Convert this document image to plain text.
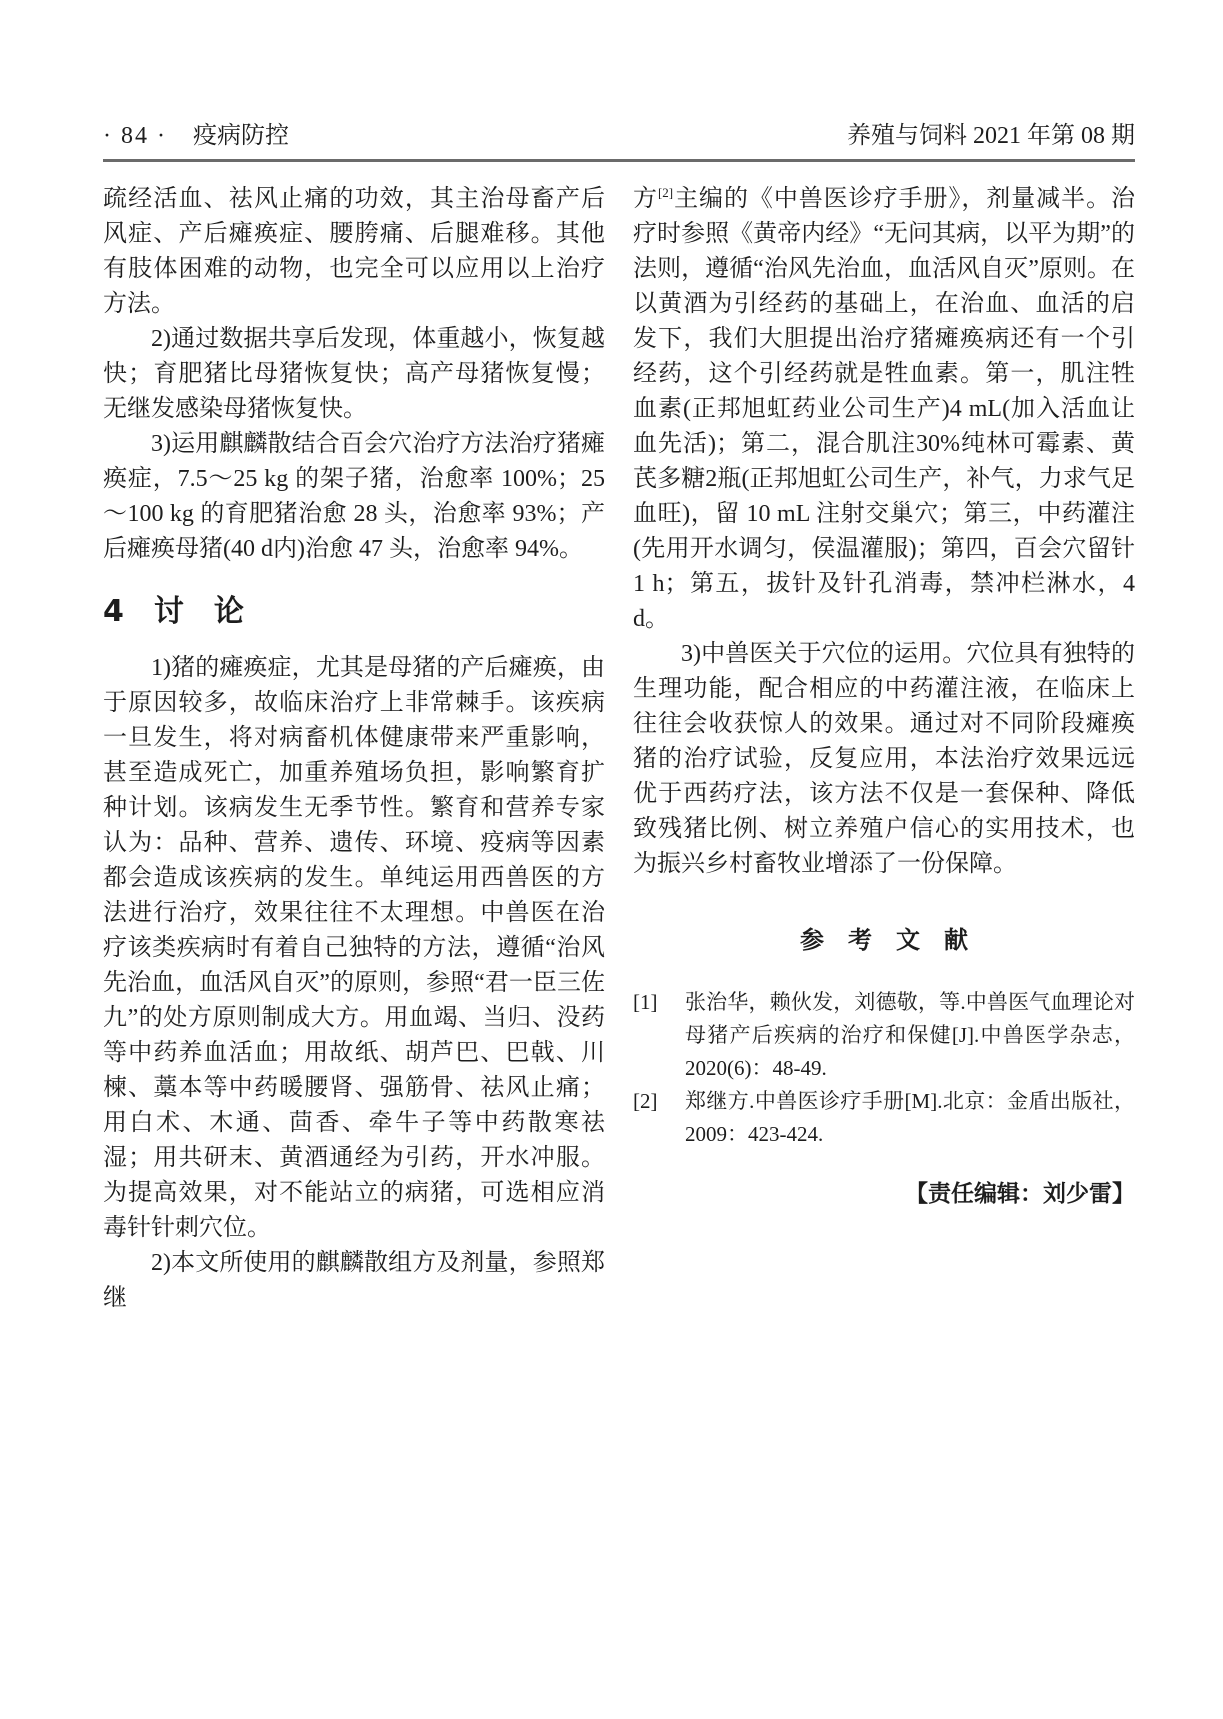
· 84 · 疫病防控	养殖与饲料 2021 年第 08 期

疏经活血、祛风止痛的功效，其主治母畜产后风症、产后瘫痪症、腰胯痛、后腿难移。其他有肢体困难的动物，也完全可以应用以上治疗方法。

2)通过数据共享后发现，体重越小，恢复越快；育肥猪比母猪恢复快；高产母猪恢复慢；无继发感染母猪恢复快。

3)运用麒麟散结合百会穴治疗方法治疗猪瘫痪症，7.5～25 kg 的架子猪，治愈率 100%；25～100 kg 的育肥猪治愈 28 头，治愈率 93%；产后瘫痪母猪(40 d内)治愈 47 头，治愈率 94%。

4　讨　论

1)猪的瘫痪症，尤其是母猪的产后瘫痪，由于原因较多，故临床治疗上非常棘手。该疾病一旦发生，将对病畜机体健康带来严重影响，甚至造成死亡，加重养殖场负担，影响繁育扩种计划。该病发生无季节性。繁育和营养专家认为：品种、营养、遗传、环境、疫病等因素都会造成该疾病的发生。单纯运用西兽医的方法进行治疗，效果往往不太理想。中兽医在治疗该类疾病时有着自己独特的方法，遵循“治风先治血，血活风自灭”的原则，参照“君一臣三佐九”的处方原则制成大方。用血竭、当归、没药等中药养血活血；用故纸、胡芦巴、巴戟、川楝、藁本等中药暖腰肾、强筋骨、祛风止痛；用白术、木通、茴香、牵牛子等中药散寒祛湿；用共研末、黄酒通经为引药，开水冲服。为提高效果，对不能站立的病猪，可选相应消毒针针刺穴位。

2)本文所使用的麒麟散组方及剂量，参照郑继

方[2]主编的《中兽医诊疗手册》，剂量减半。治疗时参照《黄帝内经》“无问其病，以平为期”的法则，遵循“治风先治血，血活风自灭”原则。在以黄酒为引经药的基础上，在治血、血活的启发下，我们大胆提出治疗猪瘫痪病还有一个引经药，这个引经药就是牲血素。第一，肌注牲血素(正邦旭虹药业公司生产)4 mL(加入活血让血先活)；第二，混合肌注30%纯林可霉素、黄芪多糖2瓶(正邦旭虹公司生产，补气，力求气足血旺)，留 10 mL 注射交巢穴；第三，中药灌注(先用开水调匀，侯温灌服)；第四，百会穴留针 1 h；第五，拔针及针孔消毒，禁冲栏淋水，4 d。

3)中兽医关于穴位的运用。穴位具有独特的生理功能，配合相应的中药灌注液，在临床上往往会收获惊人的效果。通过对不同阶段瘫痪猪的治疗试验，反复应用，本法治疗效果远远优于西药疗法，该方法不仅是一套保种、降低致残猪比例、树立养殖户信心的实用技术，也为振兴乡村畜牧业增添了一份保障。

参　考　文　献
[1] 张治华，赖伙发，刘德敬，等.中兽医气血理论对母猪产后疾病的治疗和保健[J].中兽医学杂志，2020(6)：48-49.
[2] 郑继方.中兽医诊疗手册[M].北京：金盾出版社，2009：423-424.
【责任编辑：刘少雷】
